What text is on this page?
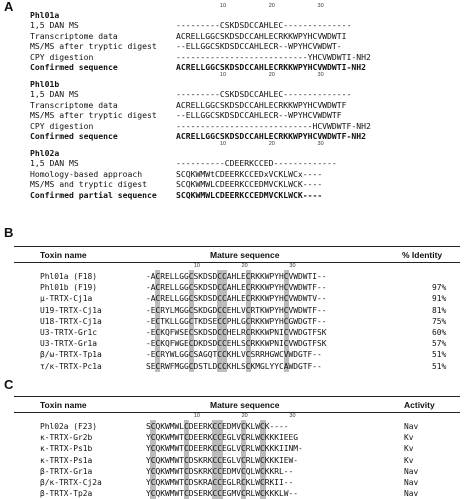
A
B
C
Phl01a
10	20	30
1,5 DAN MS	---------CSKDSDCCAHLEC--------------
Transcriptome data	ACRELLGGCSKDSDCCAHLECRKKWPYHCVWDWTI
MS/MS after tryptic digest --ELLGGCSKDSDCCAHLECR--WPYHCVWDWT-
CPY digestion	---------------------------YHCVWDWTI-NH2
Confirmed sequence	ACRELLGGCSKDSDCCAHLECRKKWPYHCVWDWTI-NH2
Phl01b
10	20	30
1,5 DAN MS	---------CSKDSDCCAHLEC--------------
Transcriptome data	ACRELLGGCSKDSDCCAHLECRKKWPYHCVWDWTF
MS/MS after tryptic digest --ELLGGCSKDSDCCAHLECR--WPYHCVWDWTF
CPY digestion	----------------------------HCVWDWTF-NH2
Confirmed sequence	ACRELLGGCSKDSDCCAHLECRKKWPYHCVWDWTF-NH2
Phl02a
10	20	30
1,5 DAN MS	----------CDEERKCCED-------------
Homology-based approach	SCQKWMWtCDEERKCCEDxVCKLWCx----
MS/MS and tryptic digest	SCQKWMWLCDEERKCCEDMVCKLWCK----
Confirmed partial sequence SCQKWMWLCDEERKCCEDMVCKLWCK----
Toxin name	Mature sequence	% Identity
10	20	30
Phl01a (F18)	-ACRELLGGCSKDSDCCAHLECRKKWPYHCVWDWTI--
Phl01b (F19)	-ACRELLGGCSKDSDCCAHLECRKKWPYHCVWDWTF--	97%
μ-TRTX-Cj1a	-ACRELLGGCSKDSDCCAHLECRKKWPYHCVWDWTV--	91%
U19-TRTX-Cj1a	-ECRYLMGGCSKDGDCCEHLVCRTKWPYHCVWDWTF--	81%
U18-TRTX-Cj1a	-ECTKLLGGCTKDSECCPHLGCRKKWPYHCGWDGTF--	75%
U3-TRTX-Gr1c	-ECKQFWSECSKDSDCCHELRCRKKWPNICVWDGTFSK	60%
U3-TRTX-Gr1a	-ECKQFWGECDKDSDCCEHLSCRKKWPNICVWDGTFSK	57%
β/ω-TRTX-Tp1a	-ECRYWLGGCSAGQTCCKHLVCSRRHGWCVWDGTF--	51%
τ/κ-TRTX-Pc1a	SECRWFMGGCDSTLDCCKHLSCKMGLYYCAWDGTF--	51%
Toxin name	Mature sequence	Activity
10	20	30
Phl02a (F23)	SCQKWMWLCDEERKCCEDMVCKLWCK----	Nav
κ-TRTX-Gr2b	YCQKWMWTCDEERKCCEGLVCRLWCKKKIEEG	Kv
κ-TRTX-Ps1b	YCQKWMWTCDEERKCCEGLVCRLWCKKKIINM-	Kv
κ-TRTX-Ps1a	YCQKWMWTCDSKRKCCEGLVCRLWCKKKIEW-	Kv
β-TRTX-Gr1a	YCQKWMWTCDSKRKCCEDMVCQLWCKKRL--	Nav
β/κ-TRTX-Cj2a	YCQKWMWTCDSKRACCEGLRCKLWCRKII--	Nav
β-TRTX-Tp2a	YCQKWMWTCDSERKCCEGMVCRLWCKKKLW--	Nav
